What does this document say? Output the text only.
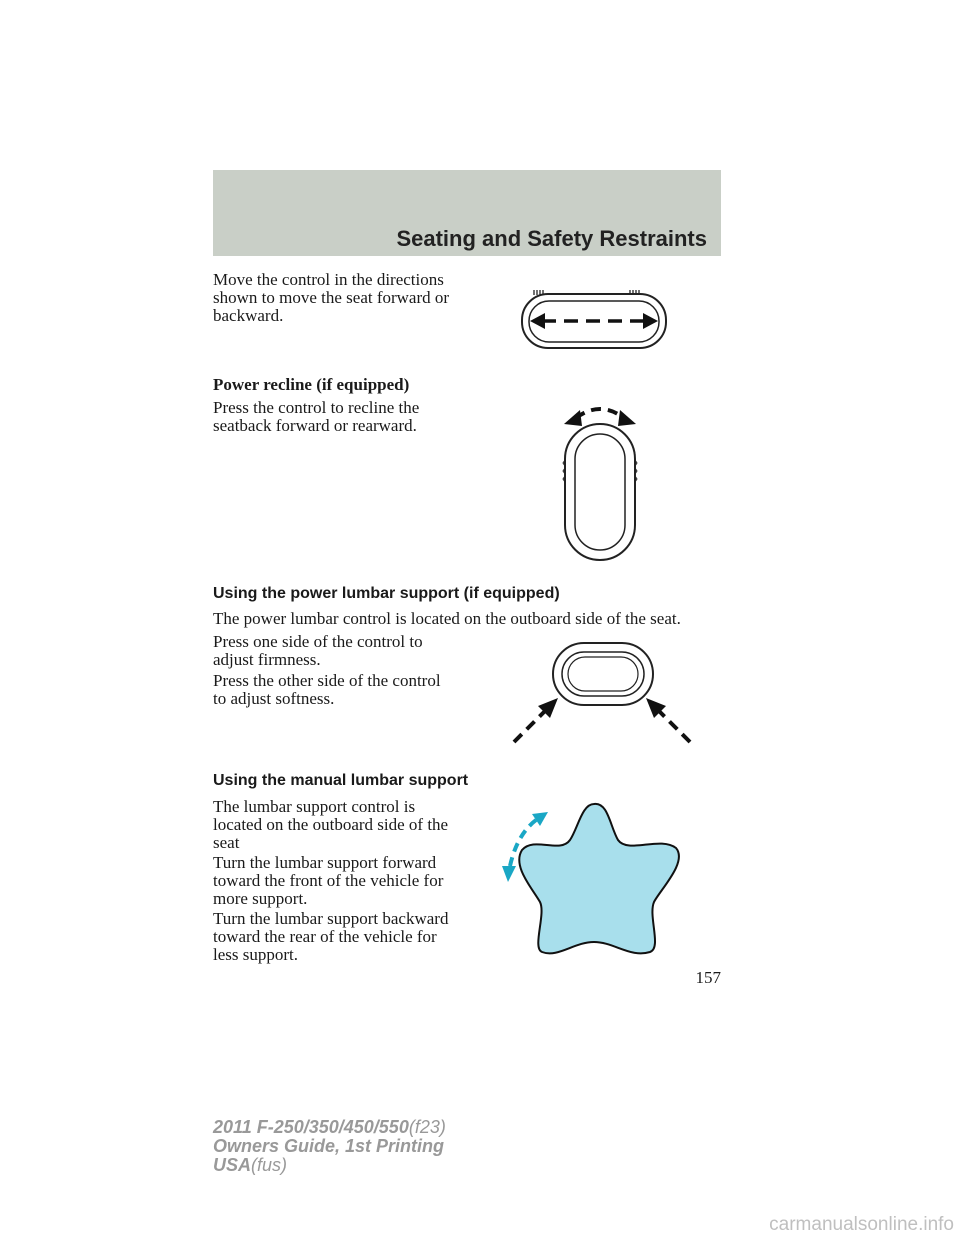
Seating and Safety Restraints

Move the control in the directions
shown to move the seat forward or
backward.

Power recline (if equipped)

Press the control to recline the
seatback forward or rearward.

Using the power lumbar support (if equipped)

The power lumbar control is located on the outboard side of the seat.

Press one side of the control to
adjust firmness.

Press the other side of the control
to adjust softness.

Using the manual lumbar support

The lumbar support control is
located on the outboard side of the
seat

Turn the lumbar support forward
toward the front of the vehicle for
more support.

Turn the lumbar support backward
toward the rear of the vehicle for
less support.

157
2011 F-250/350/450/550(f23)
Owners Guide, 1st Printing
USA(fus)
carmanualsonline.info
